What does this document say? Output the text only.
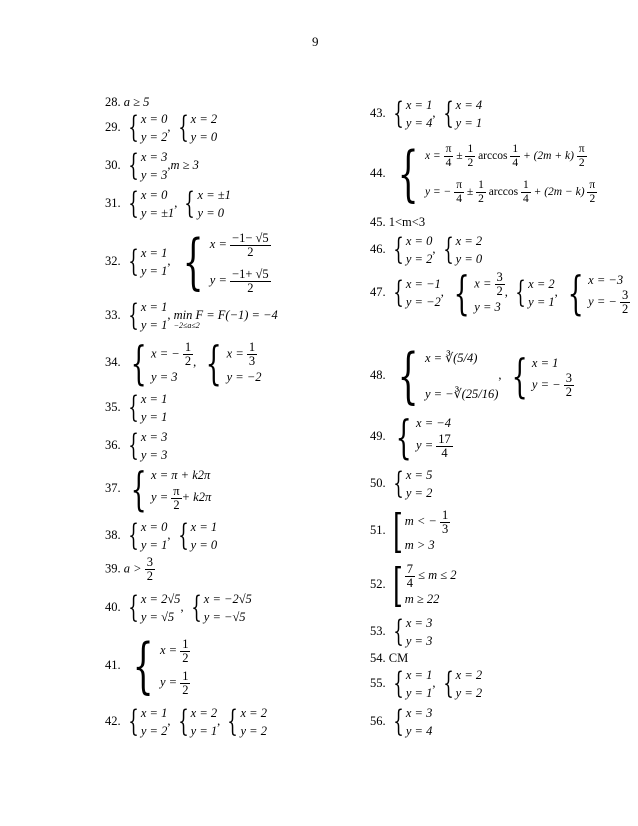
9
28. a ≥ 5
29. { x = 0
y = 2
, { x = 2
y = 0
30. { x = 3
y = 3
,m ≥ 3
31. { x = 0
y = ±1
, { x = ±1
y = 0
32. { x = 1
y = 1
, { $x = \frac{-1- √5}{2}$
$y = \frac{-1+ √5}{2}$
33. { x = 1
y = 1
, min F = F(−1) = −4
−2≤a≤2
34. { x = − $\frac{1}{2}$
y = 3
, { $x = \frac{1}{3}$
y = −2
35. { x = 1
y = 1
36. { x = 3
y = 3
37. { x = π + k2π
$y = \frac{\pi}{2} + k2\pi$
38. { x = 0
y = 1
, { x = 1
y = 0
39. $a > \frac{3}{2}$
40. { x = 2√5
y = √5
, { x = −2√5
y = −√5
41. { $x = \frac{1}{2}$
$y = \frac{1}{2}$
42. { x = 1
y = 2
, { x = 2
y = 1
, { x = 2
y = 2
43. { x = 1
y = 4
, { x = 4
y = 1
44. { $x = \frac{\pi}{4} \pm \frac{1}{2}$ $\arccos \frac{1}{4} + (2m + k) \frac{\pi}{2}$
y = − $\frac{\pi}{4} \pm \frac{1}{2}$ $\arccos \frac{1}{4} + (2m - k) \frac{\pi}{2}$
45. 1<m<3
46. { x = 0
y = 2
, { x = 2
y = 0
47. { x = −1
y = −2
, { $x = \frac{3}{2}$
y = 3
, { x = 2
y = 1
, { x = −3
y = − $\frac{3}{2}$
48. { x = ∛(5/4)
y = −∛(25/16)
, { x = 1
y = − $\frac{3}{2}$
49. { x = −4
$y = \frac{17}{4}$
50. { x = 5
y = 2
51. [ m < − $\frac{1}{3}$
m > 3
52. [ $\frac{7}{4} \le m \le 2$
m ≥ 22
53. { x = 3
y = 3
54. CM
55. { x = 1
y = 1
, { x = 2
y = 2
56. { x = 3
y = 4
